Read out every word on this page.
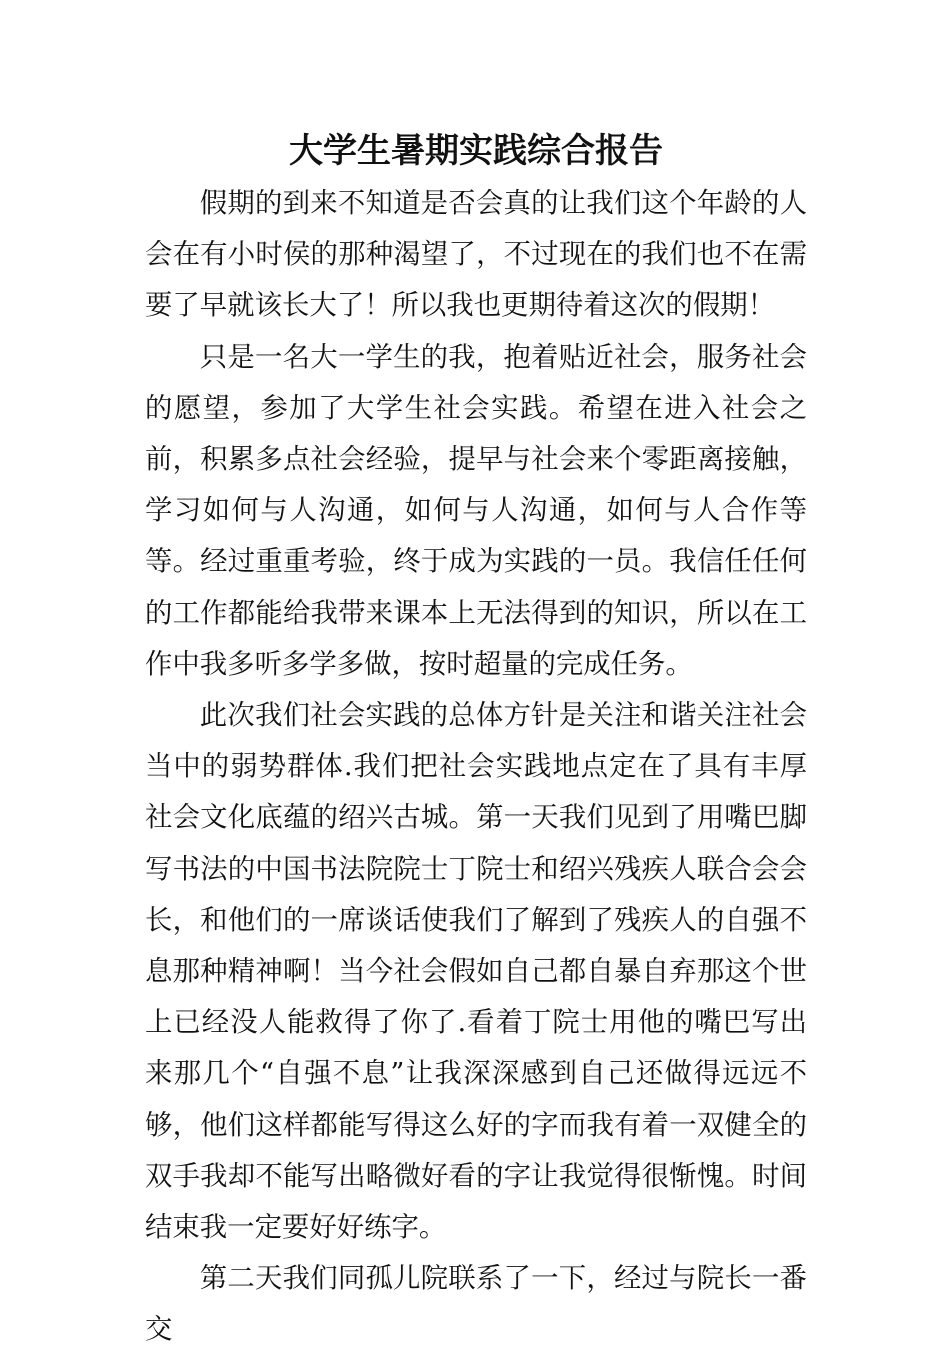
大学生暑期实践综合报告

假期的到来不知道是否会真的让我们这个年龄的人会在有小时侯的那种渴望了，不过现在的我们也不在需要了早就该长大了！所以我也更期待着这次的假期！

只是一名大一学生的我，抱着贴近社会，服务社会的愿望，参加了大学生社会实践。希望在进入社会之前，积累多点社会经验，提早与社会来个零距离接触，学习如何与人沟通，如何与人沟通，如何与人合作等等。经过重重考验，终于成为实践的一员。我信任任何的工作都能给我带来课本上无法得到的知识，所以在工作中我多听多学多做，按时超量的完成任务。

此次我们社会实践的总体方针是关注和谐关注社会当中的弱势群体.我们把社会实践地点定在了具有丰厚社会文化底蕴的绍兴古城。第一天我们见到了用嘴巴脚写书法的中国书法院院士丁院士和绍兴残疾人联合会会长，和他们的一席谈话使我们了解到了残疾人的自强不息那种精神啊！当今社会假如自己都自暴自弃那这个世上已经没人能救得了你了.看着丁院士用他的嘴巴写出来那几个“自强不息”让我深深感到自己还做得远远不够，他们这样都能写得这么好的字而我有着一双健全的双手我却不能写出略微好看的字让我觉得很惭愧。时间结束我一定要好好练字。

第二天我们同孤儿院联系了一下，经过与院长一番交
